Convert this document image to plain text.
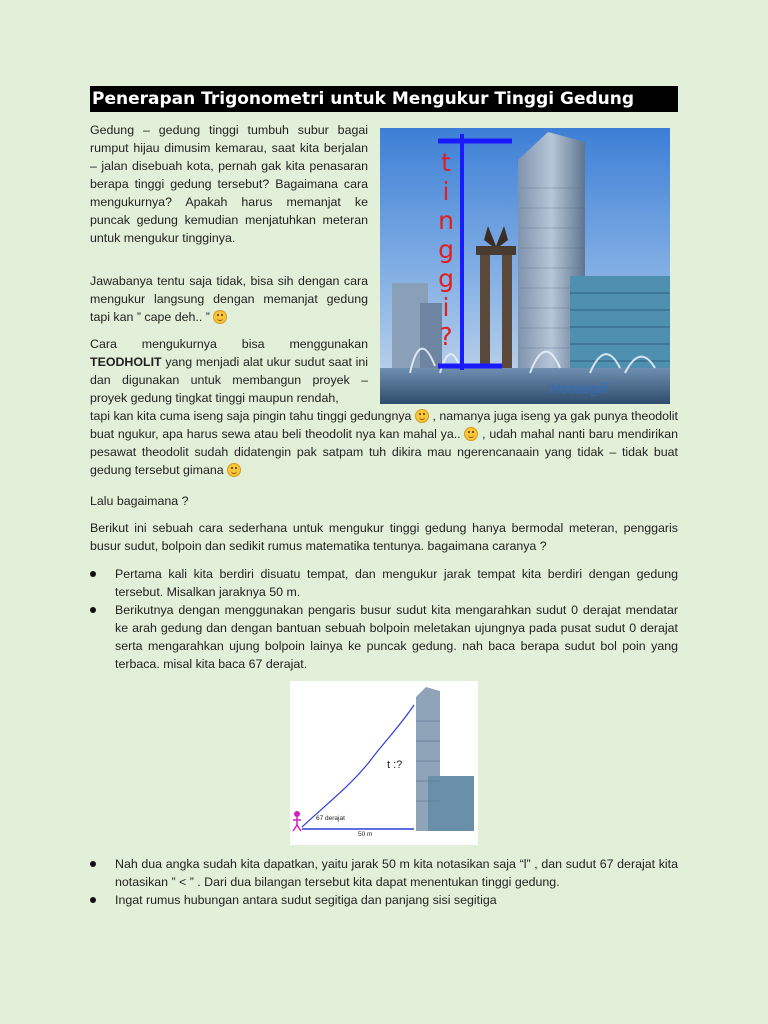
Penerapan Trigonometri untuk Mengukur Tinggi Gedung

Gedung – gedung tinggi tumbuh subur bagai rumput hijau dimusim kemarau, saat kita berjalan – jalan disebuah kota, pernah gak kita penasaran berapa tinggi gedung tersebut? Bagaimana cara mengukurnya? Apakah harus memanjat ke puncak gedung kemudian menjatuhkan meteran untuk mengukur tingginya.

Jawabanya tentu saja tidak, bisa sih dengan cara mengukur langsung dengan memanjat gedung tapi kan ” cape deh.. ”
Cara mengukurnya bisa menggunakan TEODHOLIT yang menjadi alat ukur sudut saat ini dan digunakan untuk membangun proyek – proyek gedung tingkat tinggi maupun rendah,
tapi kan kita cuma iseng saja pingin tahu tinggi gedungnya , namanya juga iseng ya gak punya theodolit buat ngukur, apa harus sewa atau beli theodolit nya kan mahal ya.. , udah mahal nanti baru mendirikan pesawat theodolit sudah didatengin pak satpam tuh dikira mau ngerencanaain yang tidak – tidak buat gedung tersebut gimana
t
i
n
g
g
i
?
Hoosegifi
Lalu bagaimana ?
Berikut ini sebuah cara sederhana untuk mengukur tinggi gedung hanya bermodal meteran, penggaris busur sudut, bolpoin dan sedikit rumus matematika tentunya. bagaimana caranya ?
Pertama kali kita berdiri disuatu tempat, dan mengukur jarak tempat kita berdiri dengan gedung tersebut. Misalkan jaraknya 50 m.
Berikutnya dengan menggunakan pengaris busur sudut kita mengarahkan sudut 0 derajat mendatar ke arah gedung dan dengan bantuan sebuah bolpoin meletakan ujungnya pada pusat sudut 0 derajat serta mengarahkan ujung bolpoin lainya ke puncak gedung. nah baca berapa sudut bol poin yang terbaca. misal kita baca 67 derajat.
67 derajat
50 m
t :?
Nah dua angka sudah kita dapatkan, yaitu jarak 50 m kita notasikan saja “l” , dan sudut 67 derajat kita notasikan ” < ” . Dari dua bilangan tersebut kita dapat menentukan tinggi gedung.
Ingat rumus hubungan antara sudut segitiga dan panjang sisi segitiga
